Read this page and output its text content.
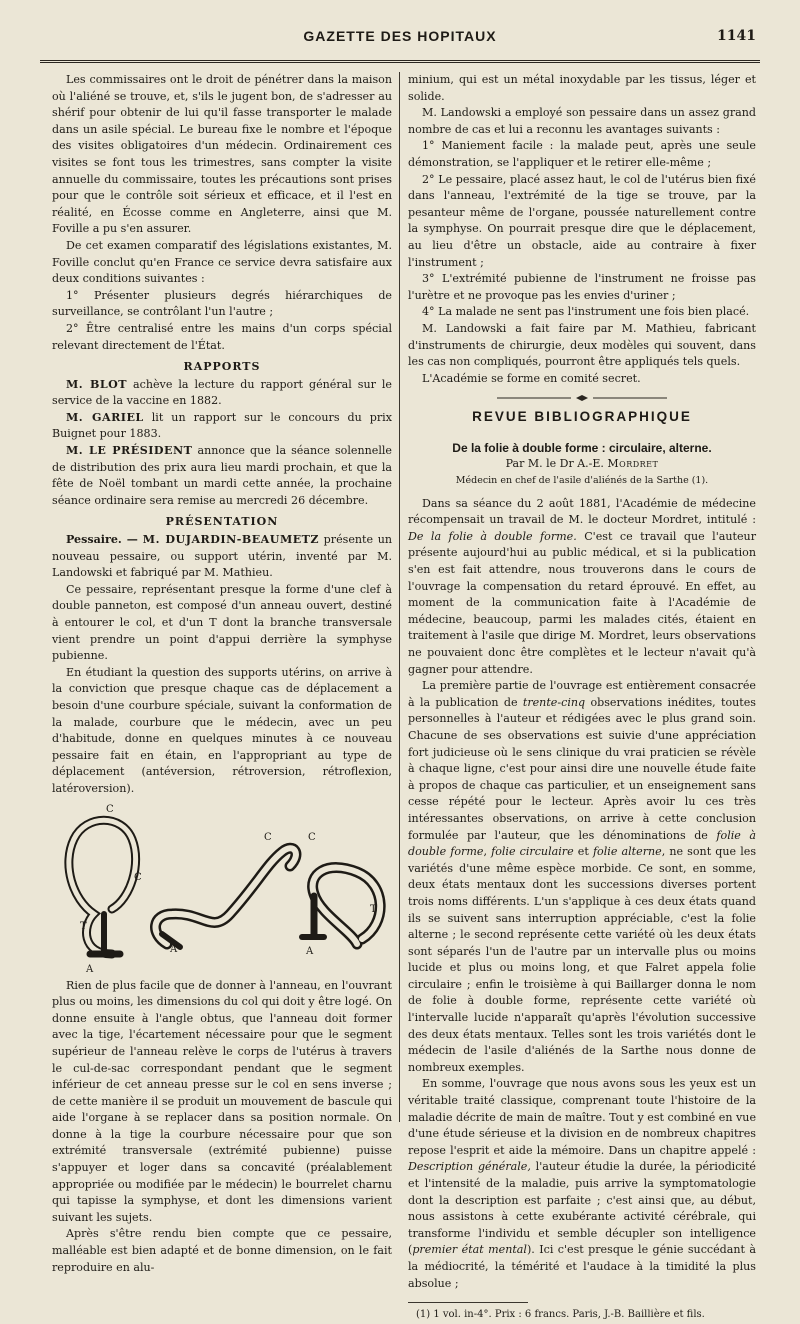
GAZETTE DES HOPITAUX	1141

Les commissaires ont le droit de pénétrer dans la maison où l'aliéné se trouve, et, s'ils le jugent bon, de s'adresser au shérif pour obtenir de lui qu'il fasse transporter le malade dans un asile spécial. Le bureau fixe le nombre et l'époque des visites obligatoires d'un médecin. Ordinairement ces visites se font tous les trimestres, sans compter la visite annuelle du commissaire, toutes les précautions sont prises pour que le contrôle soit sérieux et efficace, et il l'est en réalité, en Écosse comme en Angleterre, ainsi que M. Foville a pu s'en assurer.

De cet examen comparatif des législations existantes, M. Foville conclut qu'en France ce service devra satisfaire aux deux conditions suivantes :

1° Présenter plusieurs degrés hiérarchiques de surveillance, se contrôlant l'un l'autre ;

2° Être centralisé entre les mains d'un corps spécial relevant directement de l'État.

RAPPORTS

M. BLOT achève la lecture du rapport général sur le service de la vaccine en 1882.

M. GARIEL lit un rapport sur le concours du prix Buignet pour 1883.

M. LE PRÉSIDENT annonce que la séance solennelle de distribution des prix aura lieu mardi prochain, et que la fête de Noël tombant un mardi cette année, la prochaine séance ordinaire sera remise au mercredi 26 décembre.

PRÉSENTATION

Pessaire. — M. DUJARDIN-BEAUMETZ présente un nouveau pessaire, ou support utérin, inventé par M. Landowski et fabriqué par M. Mathieu.

Ce pessaire, représentant presque la forme d'une clef à double panneton, est composé d'un anneau ouvert, destiné à entourer le col, et d'un T dont la branche transversale vient prendre un point d'appui derrière la symphyse pubienne.

En étudiant la question des supports utérins, on arrive à la conviction que presque chaque cas de déplacement a besoin d'une courbure spéciale, suivant la conformation de la malade, courbure que le médecin, avec un peu d'habitude, donne en quelques minutes à ce nouveau pessaire fait en étain, en l'appropriant au type de déplacement (antéversion, rétroversion, rétroflexion, latéroversion).

C
C
C	C
T
T
A
A	A

Rien de plus facile que de donner à l'anneau, en l'ouvrant plus ou moins, les dimensions du col qui doit y être logé. On donne ensuite à l'angle obtus, que l'anneau doit former avec la tige, l'écartement nécessaire pour que le segment supérieur de l'anneau relève le corps de l'utérus à travers le cul-de-sac correspondant pendant que le segment inférieur de cet anneau presse sur le col en sens inverse ; de cette manière il se produit un mouvement de bascule qui aide l'organe à se replacer dans sa position normale. On donne à la tige la courbure nécessaire pour que son extrémité transversale (extrémité pubienne) puisse s'appuyer et loger dans sa concavité (préalablement appropriée ou modifiée par le médecin) le bourrelet charnu qui tapisse la symphyse, et dont les dimensions varient suivant les sujets.

Après s'être rendu bien compte que ce pessaire, malléable est bien adapté et de bonne dimension, on le fait reproduire en alu-

minium, qui est un métal inoxydable par les tissus, léger et solide.

M. Landowski a employé son pessaire dans un assez grand nombre de cas et lui a reconnu les avantages suivants :

1° Maniement facile : la malade peut, après une seule démonstration, se l'appliquer et le retirer elle-même ;

2° Le pessaire, placé assez haut, le col de l'utérus bien fixé dans l'anneau, l'extrémité de la tige se trouve, par la pesanteur même de l'organe, poussée naturellement contre la symphyse. On pourrait presque dire que le déplacement, au lieu d'être un obstacle, aide au contraire à fixer l'instrument ;

3° L'extrémité pubienne de l'instrument ne froisse pas l'urètre et ne provoque pas les envies d'uriner ;

4° La malade ne sent pas l'instrument une fois bien placé.

M. Landowski a fait faire par M. Mathieu, fabricant d'instruments de chirurgie, deux modèles qui souvent, dans les cas non compliqués, pourront être appliqués tels quels.

L'Académie se forme en comité secret.

REVUE BIBLIOGRAPHIQUE
De la folie à double forme : circulaire, alterne.
Par M. le Dr A.-E. Mordret
Médecin en chef de l'asile d'aliénés de la Sarthe (1).

Dans sa séance du 2 août 1881, l'Académie de médecine récompensait un travail de M. le docteur Mordret, intitulé : De la folie à double forme. C'est ce travail que l'auteur présente aujourd'hui au public médical, et si la publication s'en est fait attendre, nous trouverons dans le cours de l'ouvrage la compensation du retard éprouvé. En effet, au moment de la communication faite à l'Académie de médecine, beaucoup, parmi les malades cités, étaient en traitement à l'asile que dirige M. Mordret, leurs observations ne pouvaient donc être complètes et le lecteur n'avait qu'à gagner pour attendre.

La première partie de l'ouvrage est entièrement consacrée à la publication de trente-cinq observations inédites, toutes personnelles à l'auteur et rédigées avec le plus grand soin. Chacune de ses observations est suivie d'une appréciation fort judicieuse où le sens clinique du vrai praticien se révèle à chaque ligne, c'est pour ainsi dire une nouvelle étude faite à propos de chaque cas particulier, et un enseignement sans cesse répété pour le lecteur. Après avoir lu ces très intéressantes observations, on arrive à cette conclusion formulée par l'auteur, que les dénominations de folie à double forme, folie circulaire et folie alterne, ne sont que les variétés d'une même espèce morbide. Ce sont, en somme, deux états mentaux dont les successions diverses portent trois noms différents. L'un s'applique à ces deux états quand ils se suivent sans interruption appréciable, c'est la folie alterne ; le second représente cette variété où les deux états sont séparés l'un de l'autre par un intervalle plus ou moins lucide et plus ou moins long, et que Falret appela folie circulaire ; enfin le troisième à qui Baillarger donna le nom de folie à double forme, représente cette variété où l'intervalle lucide n'apparaît qu'après l'évolution successive des deux états mentaux. Telles sont les trois variétés dont le médecin de l'asile d'aliénés de la Sarthe nous donne de nombreux exemples.

En somme, l'ouvrage que nous avons sous les yeux est un véritable traité classique, comprenant toute l'histoire de la maladie décrite de main de maître. Tout y est combiné en vue d'une étude sérieuse et la division en de nombreux chapitres repose l'esprit et aide la mémoire. Dans un chapitre appelé : Description générale, l'auteur étudie la durée, la périodicité et l'intensité de la maladie, puis arrive la symptomatologie dont la description est parfaite ; c'est ainsi que, au début, nous assistons à cette exubérante activité cérébrale, qui transforme l'individu et semble décupler son intelligence (premier état mental). Ici c'est presque le génie succédant à la médiocrité, la témérité et l'audace à la timidité la plus absolue ;

(1) 1 vol. in-4°. Prix : 6 francs. Paris, J.-B. Baillière et fils.
